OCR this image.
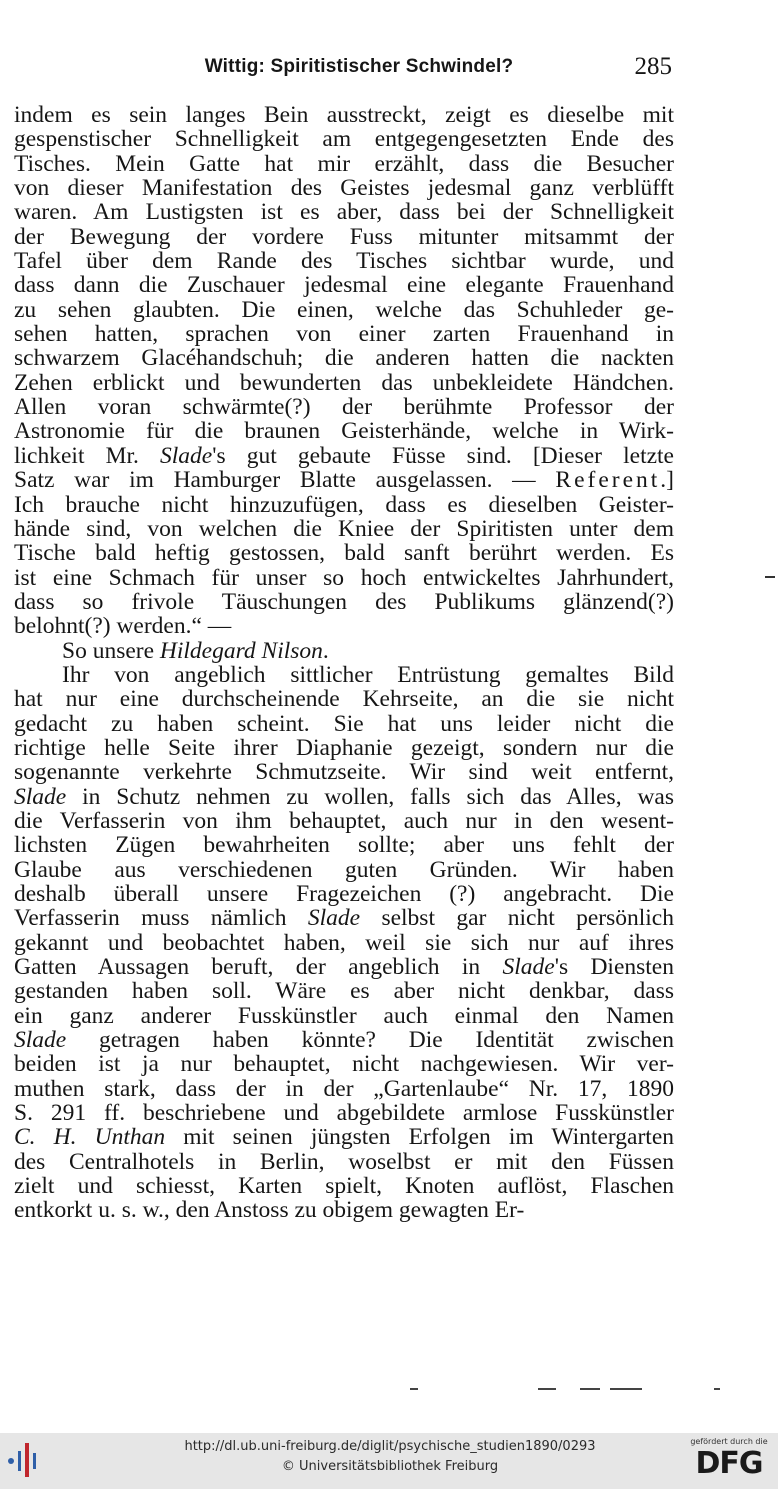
Wittig: Spiritistischer Schwindel?	285
indem es sein langes Bein ausstreckt, zeigt es dieselbe mit
gespenstischer Schnelligkeit am entgegengesetzten Ende des
Tisches. Mein Gatte hat mir erzählt, dass die Besucher
von dieser Manifestation des Geistes jedesmal ganz verblüfft
waren. Am Lustigsten ist es aber, dass bei der Schnelligkeit
der Bewegung der vordere Fuss mitunter mitsammt der
Tafel über dem Rande des Tisches sichtbar wurde, und
dass dann die Zuschauer jedesmal eine elegante Frauenhand
zu sehen glaubten. Die einen, welche das Schuhleder ge-
sehen hatten, sprachen von einer zarten Frauenhand in
schwarzem Glacéhandschuh; die anderen hatten die nackten
Zehen erblickt und bewunderten das unbekleidete Händchen.
Allen voran schwärmte(?) der berühmte Professor der
Astronomie für die braunen Geisterhände, welche in Wirk-
lichkeit Mr. Slade's gut gebaute Füsse sind. [Dieser letzte
Satz war im Hamburger Blatte ausgelassen. — Referent.]
Ich brauche nicht hinzuzufügen, dass es dieselben Geister-
hände sind, von welchen die Kniee der Spiritisten unter dem
Tische bald heftig gestossen, bald sanft berührt werden. Es
ist eine Schmach für unser so hoch entwickeltes Jahrhundert,
dass so frivole Täuschungen des Publikums glänzend(?)
belohnt(?) werden.“ —
So unsere Hildegard Nilson.
Ihr von angeblich sittlicher Entrüstung gemaltes Bild
hat nur eine durchscheinende Kehrseite, an die sie nicht
gedacht zu haben scheint. Sie hat uns leider nicht die
richtige helle Seite ihrer Diaphanie gezeigt, sondern nur die
sogenannte verkehrte Schmutzseite. Wir sind weit entfernt,
Slade in Schutz nehmen zu wollen, falls sich das Alles, was
die Verfasserin von ihm behauptet, auch nur in den wesent-
lichsten Zügen bewahrheiten sollte; aber uns fehlt der
Glaube aus verschiedenen guten Gründen. Wir haben
deshalb überall unsere Fragezeichen (?) angebracht. Die
Verfasserin muss nämlich Slade selbst gar nicht persönlich
gekannt und beobachtet haben, weil sie sich nur auf ihres
Gatten Aussagen beruft, der angeblich in Slade's Diensten
gestanden haben soll. Wäre es aber nicht denkbar, dass
ein ganz anderer Fusskünstler auch einmal den Namen
Slade getragen haben könnte? Die Identität zwischen
beiden ist ja nur behauptet, nicht nachgewiesen. Wir ver-
muthen stark, dass der in der „Gartenlaube“ Nr. 17, 1890
S. 291 ff. beschriebene und abgebildete armlose Fusskünstler
C. H. Unthan mit seinen jüngsten Erfolgen im Wintergarten
des Centralhotels in Berlin, woselbst er mit den Füssen
zielt und schiesst, Karten spielt, Knoten auflöst, Flaschen
entkorkt u. s. w., den Anstoss zu obigem gewagten Er-
http://dl.ub.uni-freiburg.de/diglit/psychische_studien1890/0293
© Universitätsbibliothek Freiburg
gefördert durch die
DFG
